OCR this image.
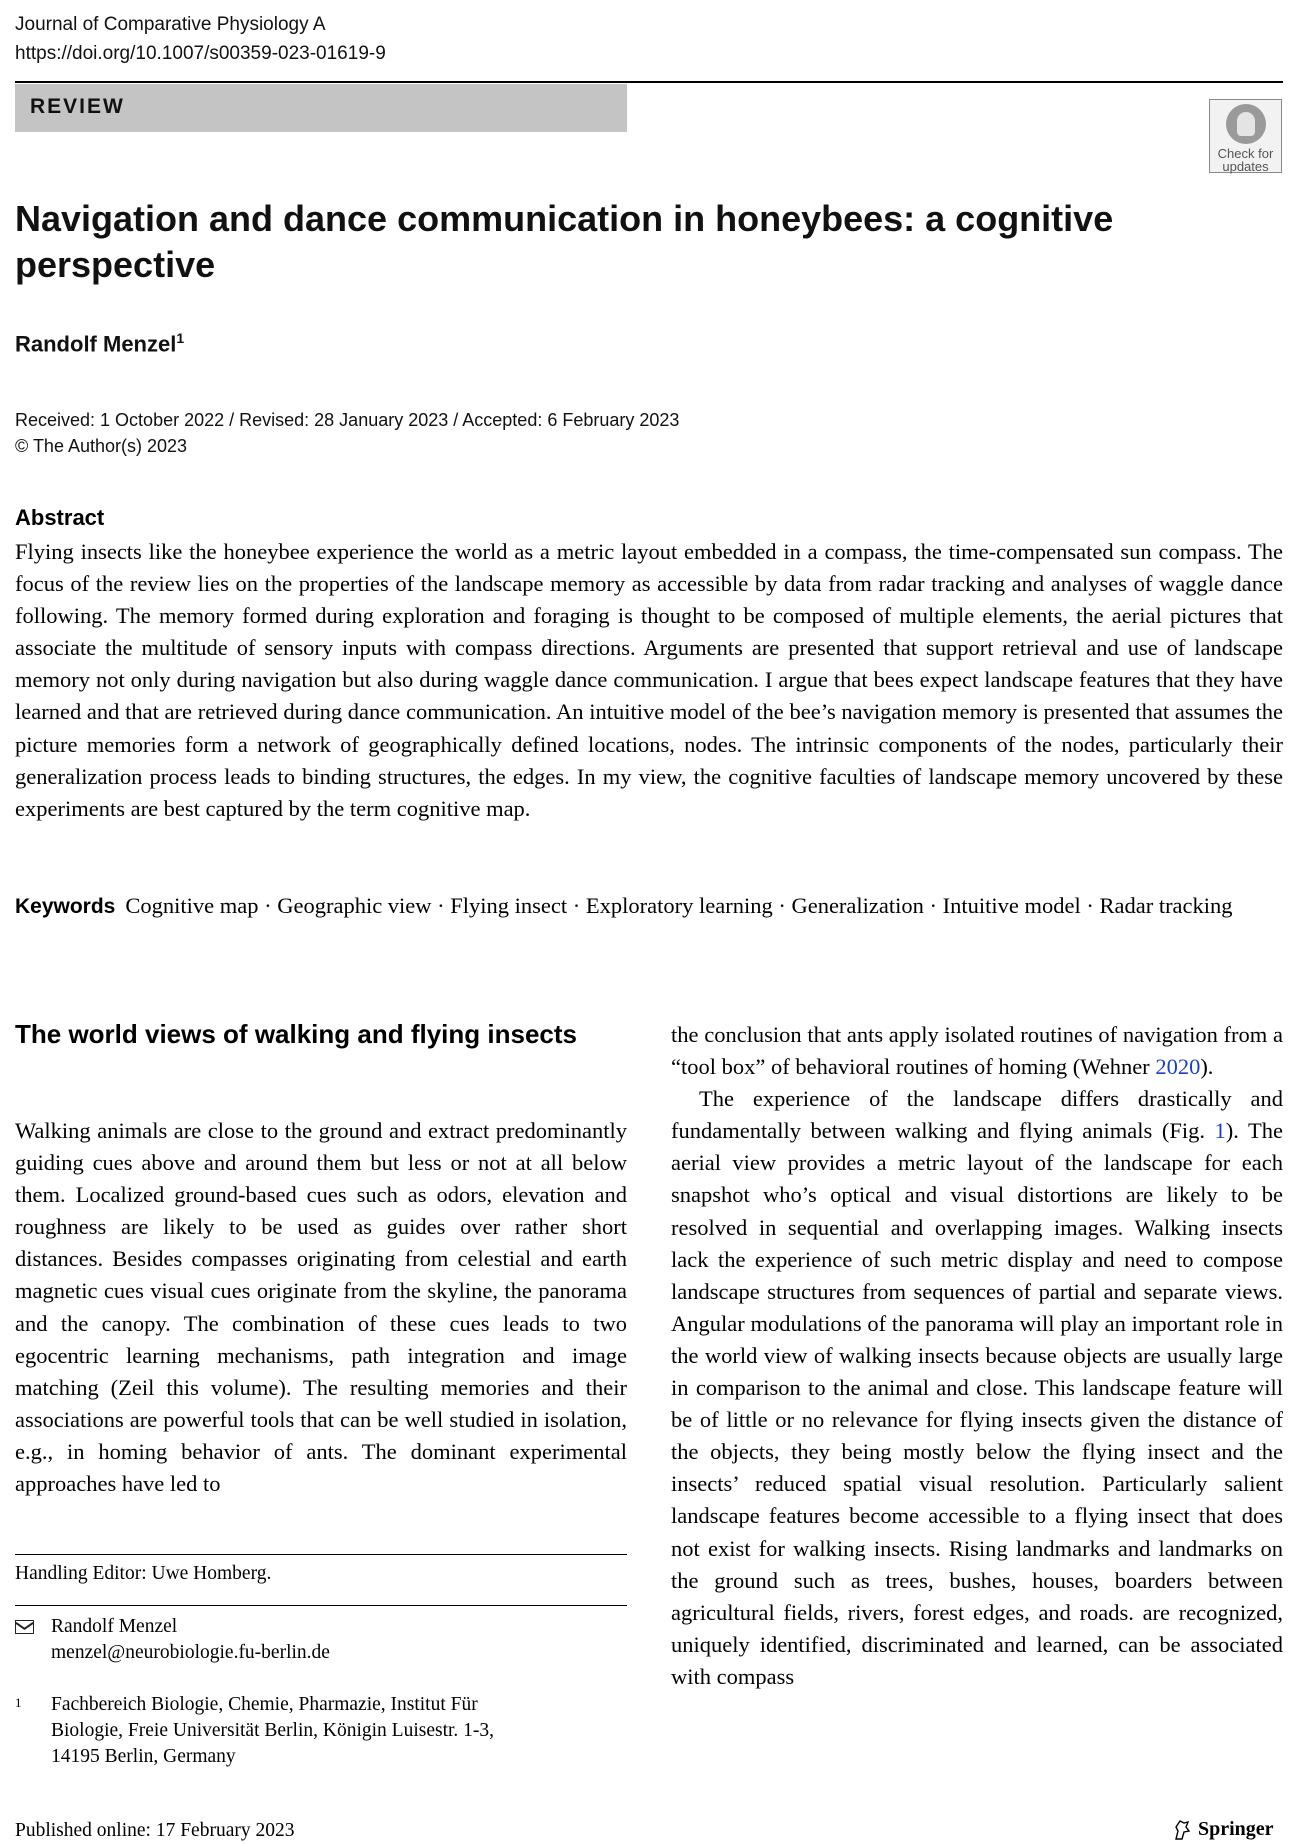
Journal of Comparative Physiology A
https://doi.org/10.1007/s00359-023-01619-9
REVIEW
Check for
updates
Navigation and dance communication in honeybees: a cognitive perspective
Randolf Menzel$^1$
Received: 1 October 2022 / Revised: 28 January 2023 / Accepted: 6 February 2023
© The Author(s) 2023
Abstract

Flying insects like the honeybee experience the world as a metric layout embedded in a compass, the time-compensated sun compass. The focus of the review lies on the properties of the landscape memory as accessible by data from radar tracking and analyses of waggle dance following. The memory formed during exploration and foraging is thought to be composed of multiple elements, the aerial pictures that associate the multitude of sensory inputs with compass directions. Arguments are presented that support retrieval and use of landscape memory not only during navigation but also during waggle dance communication. I argue that bees expect landscape features that they have learned and that are retrieved during dance communication. An intuitive model of the bee’s navigation memory is presented that assumes the picture memories form a network of geographically defined locations, nodes. The intrinsic components of the nodes, particularly their generalization process leads to binding structures, the edges. In my view, the cognitive faculties of landscape memory uncovered by these experiments are best captured by the term cognitive map.

Keywords Cognitive map · Geographic view · Flying insect · Exploratory learning · Generalization · Intuitive model · Radar tracking
The world views of walking and flying insects

Walking animals are close to the ground and extract predominantly guiding cues above and around them but less or not at all below them. Localized ground-based cues such as odors, elevation and roughness are likely to be used as guides over rather short distances. Besides compasses originating from celestial and earth magnetic cues visual cues originate from the skyline, the panorama and the canopy. The combination of these cues leads to two egocentric learning mechanisms, path integration and image matching (Zeil this volume). The resulting memories and their associations are powerful tools that can be well studied in isolation, e.g., in homing behavior of ants. The dominant experimental approaches have led to

the conclusion that ants apply isolated routines of navigation from a “tool box” of behavioral routines of homing (Wehner 2020).

The experience of the landscape differs drastically and fundamentally between walking and flying animals (Fig. 1). The aerial view provides a metric layout of the landscape for each snapshot who’s optical and visual distortions are likely to be resolved in sequential and overlapping images. Walking insects lack the experience of such metric display and need to compose landscape structures from sequences of partial and separate views. Angular modulations of the panorama will play an important role in the world view of walking insects because objects are usually large in comparison to the animal and close. This landscape feature will be of little or no relevance for flying insects given the distance of the objects, they being mostly below the flying insect and the insects’ reduced spatial visual resolution. Particularly salient landscape features become accessible to a flying insect that does not exist for walking insects. Rising landmarks and landmarks on the ground such as trees, bushes, houses, boarders between agricultural fields, rivers, forest edges, and roads. are recognized, uniquely identified, discriminated and learned, can be associated with compass

Handling Editor: Uwe Homberg.
Randolf Menzel
menzel@neurobiologie.fu-berlin.de
1 Fachbereich Biologie, Chemie, Pharmazie, Institut Für
Biologie, Freie Universität Berlin, Königin Luisestr. 1-3,
14195 Berlin, Germany
Published online: 17 February 2023	Springer
